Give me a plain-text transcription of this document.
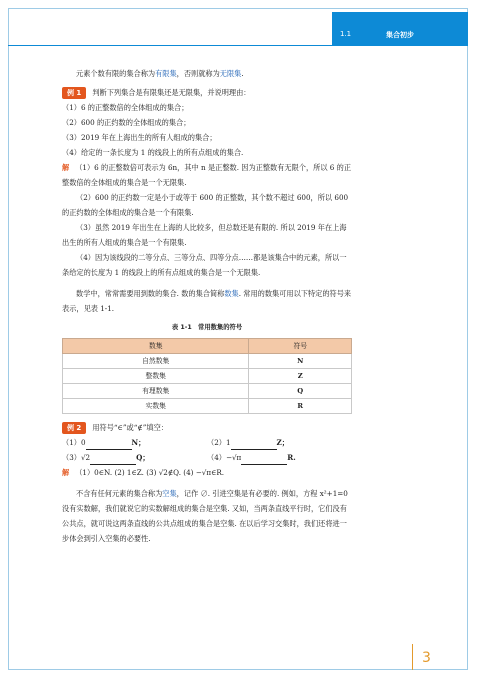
1.1	集合初步

元素个数有限的集合称为有限集，否则就称为无限集.

例 1 判断下列集合是有限集还是无限集，并说明理由：

（1）6 的正整数倍的全体组成的集合；

（2）600 的正约数的全体组成的集合；

（3）2019 年在上海出生的所有人组成的集合；

（4）给定的一条长度为 1 的线段上的所有点组成的集合.

解 （1）6 的正整数倍可表示为 6n，其中 n 是正整数. 因为正整数有无限个，所以 6 的正整数倍的全体组成的集合是一个无限集.

（2）600 的正约数一定是小于或等于 600 的正整数，其个数不超过 600，所以 600 的正约数的全体组成的集合是一个有限集.

（3）虽然 2019 年出生在上海的人比较多，但总数还是有限的. 所以 2019 年在上海出生的所有人组成的集合是一个有限集.

（4）因为该线段的二等分点、三等分点、四等分点……都是该集合中的元素，所以一条给定的长度为 1 的线段上的所有点组成的集合是一个无限集.

数学中，常常需要用到数的集合. 数的集合简称数集. 常用的数集可用以下特定的符号来表示，见表 1-1.

表 1-1　常用数集的符号
数集	符号
自然数集	N
整数集	Z
有理数集	Q
实数集	R

例 2 用符号“∈”或“∉”填空：

（1）0	N；	（2）1	Z；
（3）√2	Q；	（4）−√π	R.

解 （1）0∈N. (2) 1∈Z. (3) √2∉Q. (4) −√π∈R.

不含有任何元素的集合称为空集，记作 ∅. 引进空集是有必要的. 例如，方程 x²+1=0 没有实数解，我们就说它的实数解组成的集合是空集. 又如，当两条直线平行时，它们没有公共点，就可说这两条直线的公共点组成的集合是空集. 在以后学习交集时，我们还将进一步体会到引入空集的必要性.

3
